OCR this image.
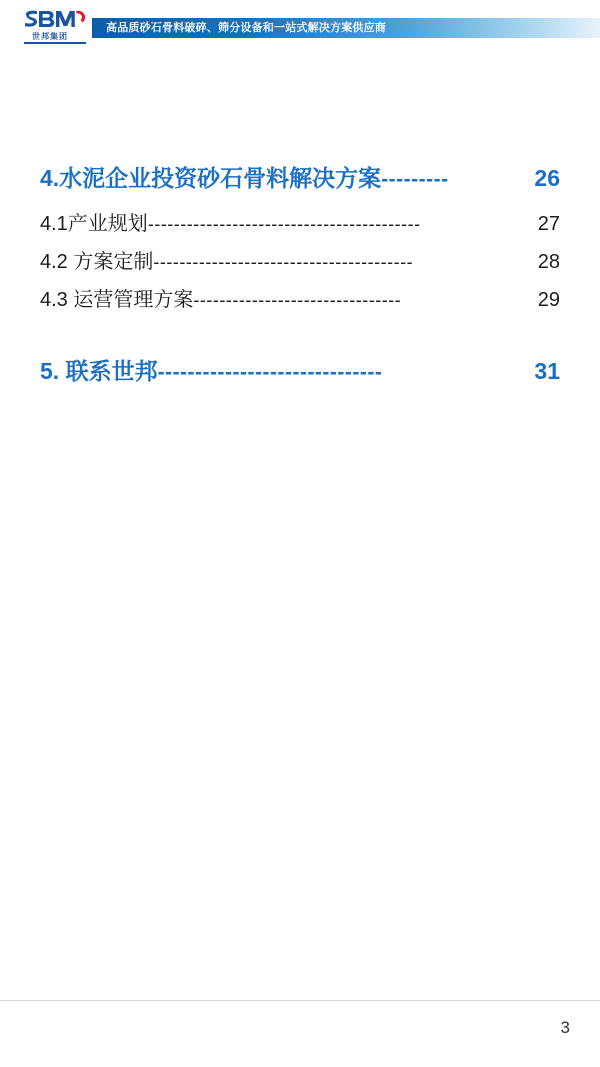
世邦集团
高品质砂石骨料破碎、筛分设备和一站式解决方案供应商
4.水泥企业投资砂石骨料解决方案 ---------	26
4.1产业规划 ------------------------------------------	27
4.2 方案定制 ----------------------------------------	28
4.3 运营管理方案 --------------------------------	29
5. 联系世邦 ------------------------------	31
3
